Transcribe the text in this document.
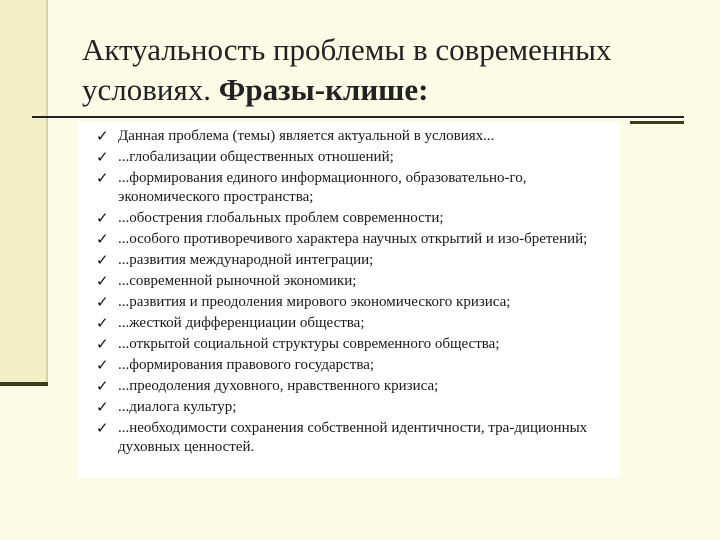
Актуальность проблемы в современных
условиях. Фразы-клише:
✓ Данная проблема (темы) является актуальной в условиях...
✓ ...глобализации общественных отношений;
✓ ...формирования единого информационного, образовательно-го, экономического пространства;
✓ ...обострения глобальных проблем современности;
✓ ...особого противоречивого характера научных открытий и изо-бретений;
✓ ...развития международной интеграции;
✓ ...современной рыночной экономики;
✓ ...развития и преодоления мирового экономического кризиса;
✓ ...жесткой дифференциации общества;
✓ ...открытой социальной структуры современного общества;
✓ ...формирования правового государства;
✓ ...преодоления духовного, нравственного кризиса;
✓ ...диалога культур;
✓ ...необходимости сохранения собственной идентичности, тра-диционных духовных ценностей.
